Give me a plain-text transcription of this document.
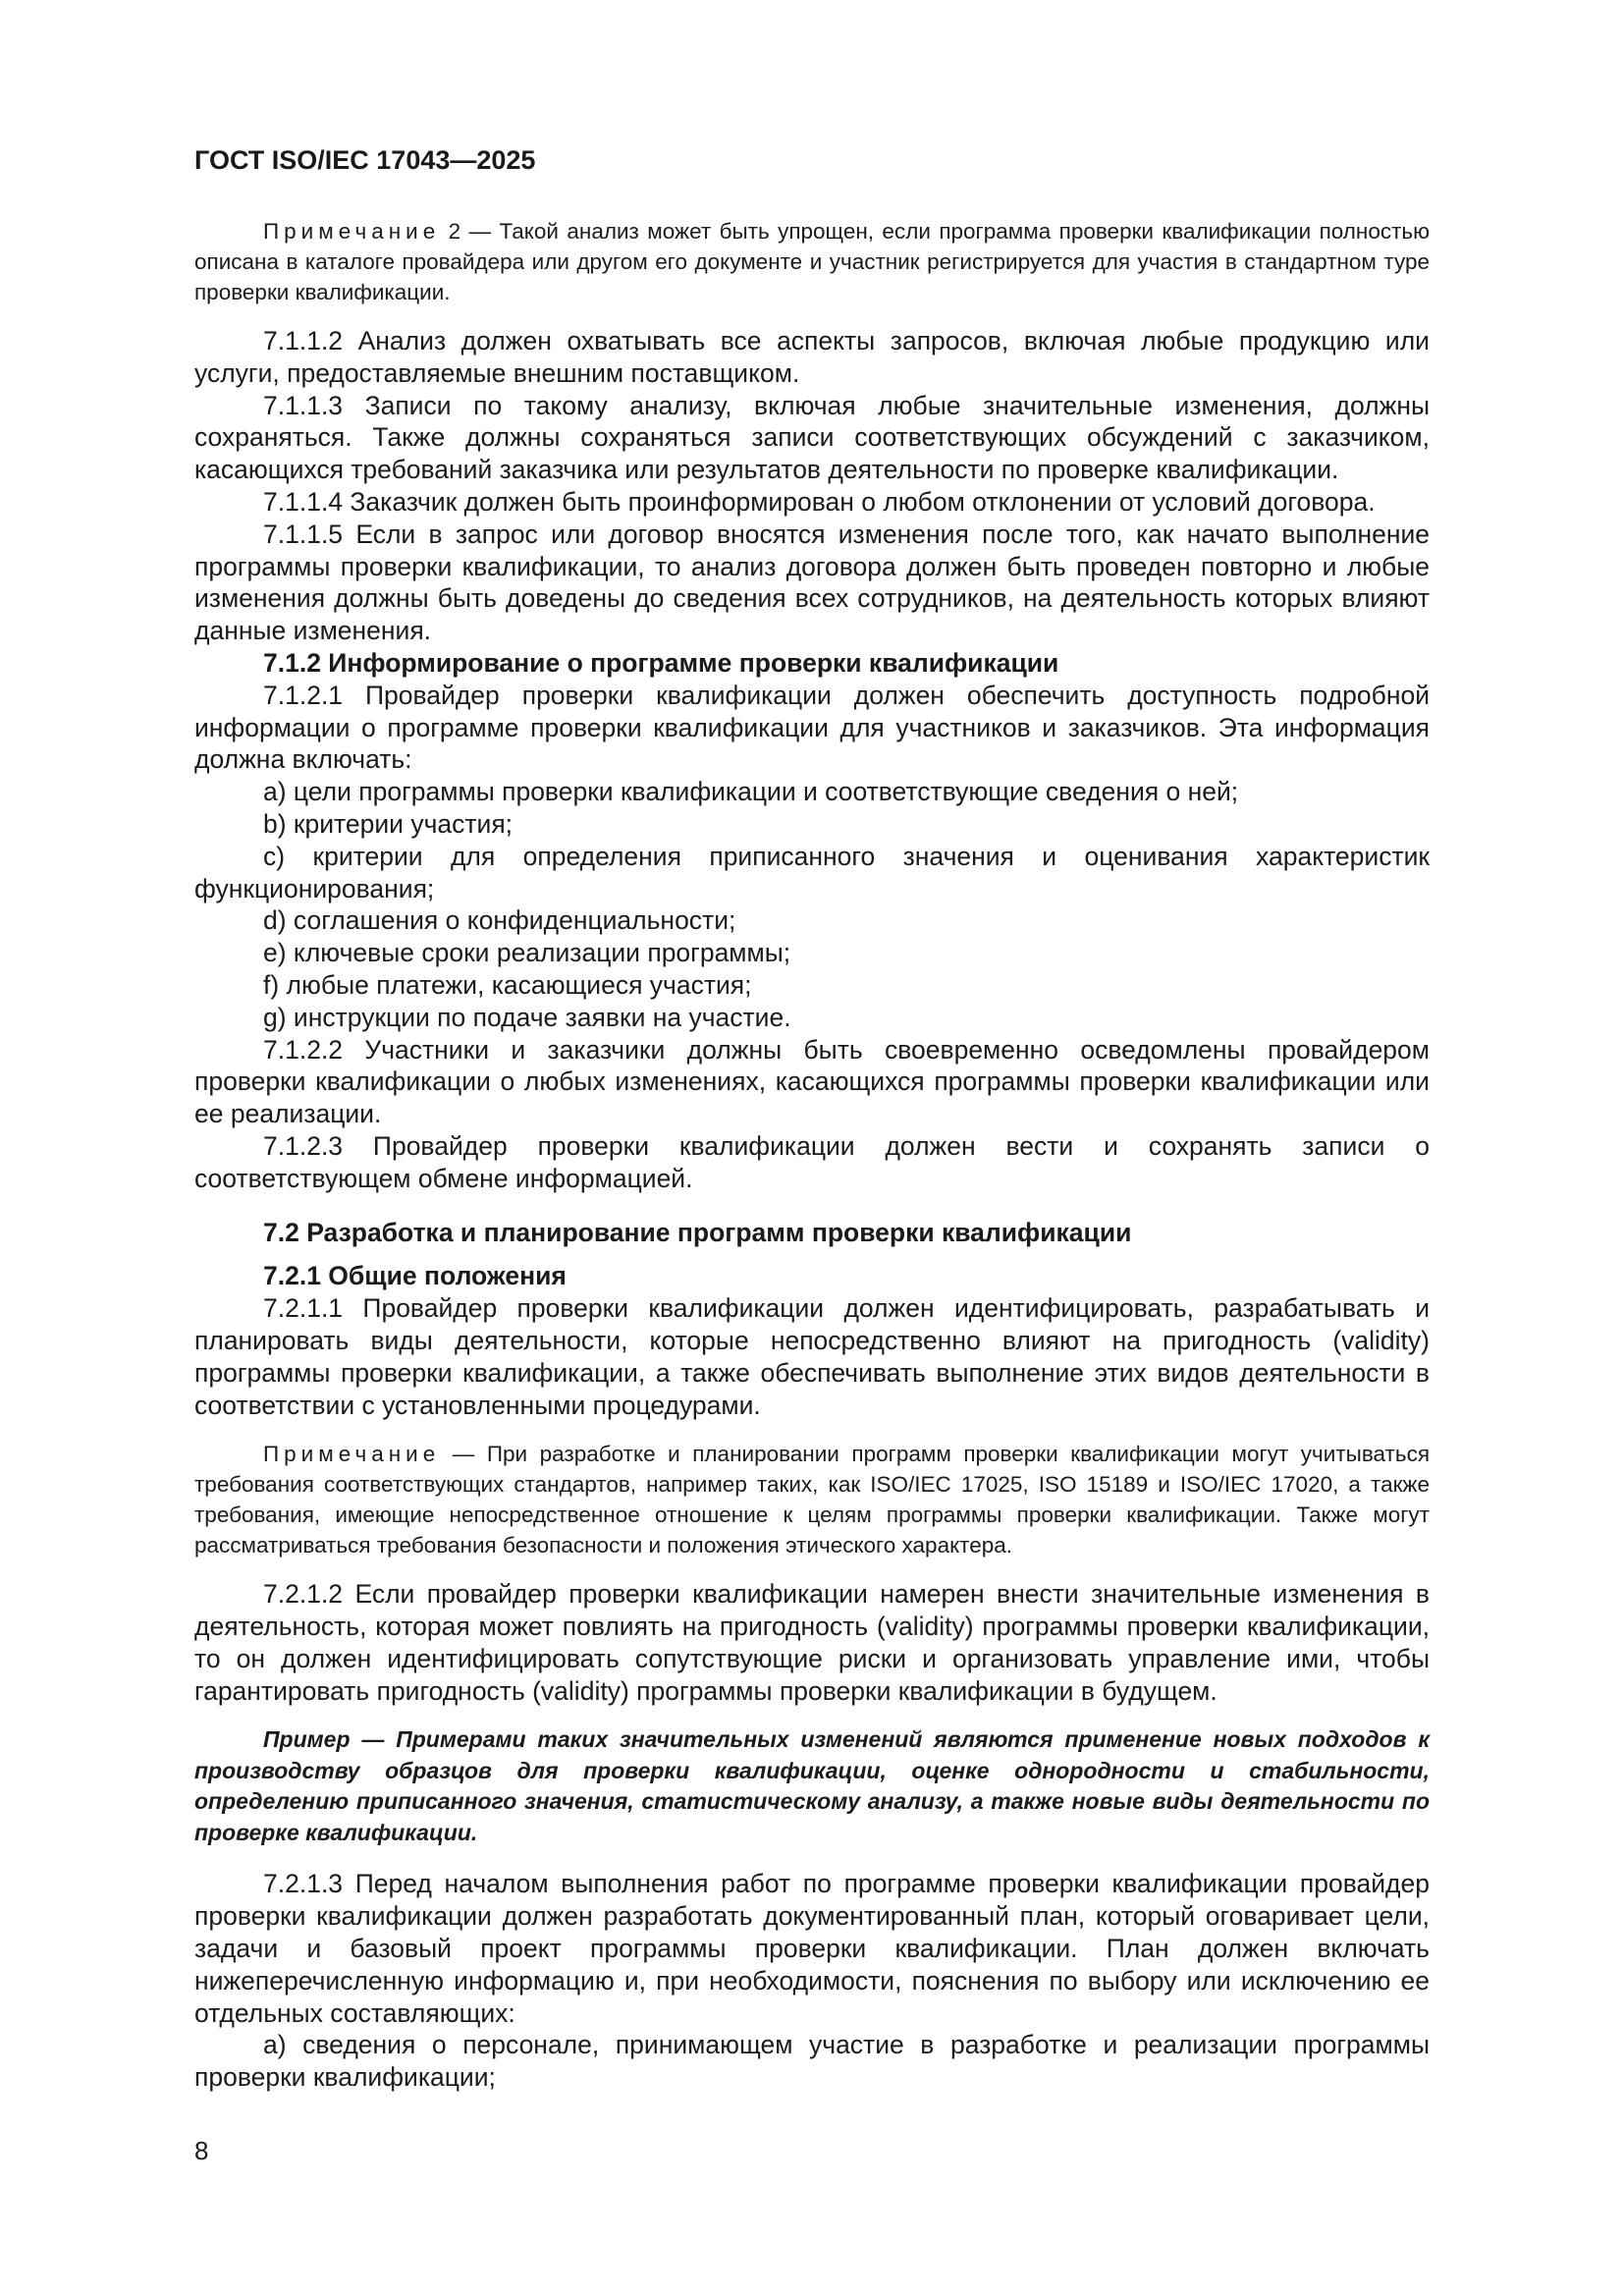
ГОСТ ISO/IEC 17043—2025
Примечание 2 — Такой анализ может быть упрощен, если программа проверки квалификации полностью описана в каталоге провайдера или другом его документе и участник регистрируется для участия в стандартном туре проверки квалификации.

7.1.1.2 Анализ должен охватывать все аспекты запросов, включая любые продукцию или услуги, предоставляемые внешним поставщиком.

7.1.1.3 Записи по такому анализу, включая любые значительные изменения, должны сохраняться. Также должны сохраняться записи соответствующих обсуждений с заказчиком, касающихся требований заказчика или результатов деятельности по проверке квалификации.

7.1.1.4 Заказчик должен быть проинформирован о любом отклонении от условий договора.

7.1.1.5 Если в запрос или договор вносятся изменения после того, как начато выполнение программы проверки квалификации, то анализ договора должен быть проведен повторно и любые изменения должны быть доведены до сведения всех сотрудников, на деятельность которых влияют данные изменения.

7.1.2 Информирование о программе проверки квалификации

7.1.2.1 Провайдер проверки квалификации должен обеспечить доступность подробной информации о программе проверки квалификации для участников и заказчиков. Эта информация должна включать:

a) цели программы проверки квалификации и соответствующие сведения о ней;

b) критерии участия;

c) критерии для определения приписанного значения и оценивания характеристик функционирования;

d) соглашения о конфиденциальности;

e) ключевые сроки реализации программы;

f) любые платежи, касающиеся участия;

g) инструкции по подаче заявки на участие.

7.1.2.2 Участники и заказчики должны быть своевременно осведомлены провайдером проверки квалификации о любых изменениях, касающихся программы проверки квалификации или ее реализации.

7.1.2.3 Провайдер проверки квалификации должен вести и сохранять записи о соответствующем обмене информацией.

7.2 Разработка и планирование программ проверки квалификации

7.2.1 Общие положения

7.2.1.1 Провайдер проверки квалификации должен идентифицировать, разрабатывать и планировать виды деятельности, которые непосредственно влияют на пригодность (validity) программы проверки квалификации, а также обеспечивать выполнение этих видов деятельности в соответствии с установленными процедурами.

Примечание — При разработке и планировании программ проверки квалификации могут учитываться требования соответствующих стандартов, например таких, как ISO/IEC 17025, ISO 15189 и ISO/IEC 17020, а также требования, имеющие непосредственное отношение к целям программы проверки квалификации. Также могут рассматриваться требования безопасности и положения этического характера.

7.2.1.2 Если провайдер проверки квалификации намерен внести значительные изменения в деятельность, которая может повлиять на пригодность (validity) программы проверки квалификации, то он должен идентифицировать сопутствующие риски и организовать управление ими, чтобы гарантировать пригодность (validity) программы проверки квалификации в будущем.

Пример — Примерами таких значительных изменений являются применение новых подходов к производству образцов для проверки квалификации, оценке однородности и стабильности, определению приписанного значения, статистическому анализу, а также новые виды деятельности по проверке квалификации.

7.2.1.3 Перед началом выполнения работ по программе проверки квалификации провайдер проверки квалификации должен разработать документированный план, который оговаривает цели, задачи и базовый проект программы проверки квалификации. План должен включать нижеперечисленную информацию и, при необходимости, пояснения по выбору или исключению ее отдельных составляющих:

a) сведения о персонале, принимающем участие в разработке и реализации программы проверки квалификации;

8
